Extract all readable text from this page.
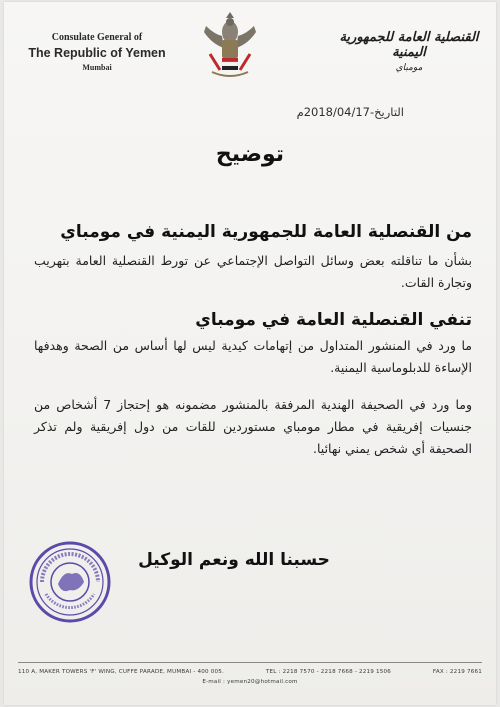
Consulate General of
The Republic of Yemen
Mumbai
القنصلية العامة للجمهورية اليمنية
مومباي
التاريخ-2018/04/17م
توضيح
من القنصلية العامة للجمهورية اليمنية في مومباي
بشأن ما تناقلته بعض وسائل التواصل الإجتماعي عن تورط القنصلية العامة بتهريب وتجارة القات.
تنفي القنصلية العامة في مومباي
ما ورد في المنشور المتداول من إتهامات كيدية ليس لها أساس من الصحة وهدفها الإساءة للدبلوماسية اليمنية.
وما ورد في الصحيفة الهندية المرفقة بالمنشور مضمونه هو إحتجاز 7 أشخاص من جنسيات إفريقية في مطار مومباي مستوردين للقات من دول إفريقية ولم تذكر الصحيفة أي شخص يمني نهائيا.
حسبنا الله ونعم الوكيل
110 A, MAKER TOWERS 'F' WING, CUFFE PARADE, MUMBAI - 400 005.	TEL : 2218 7570 - 2218 7668 - 2219 1506	FAX : 2219 7661
E-mail : yemen20@hotmail.com
